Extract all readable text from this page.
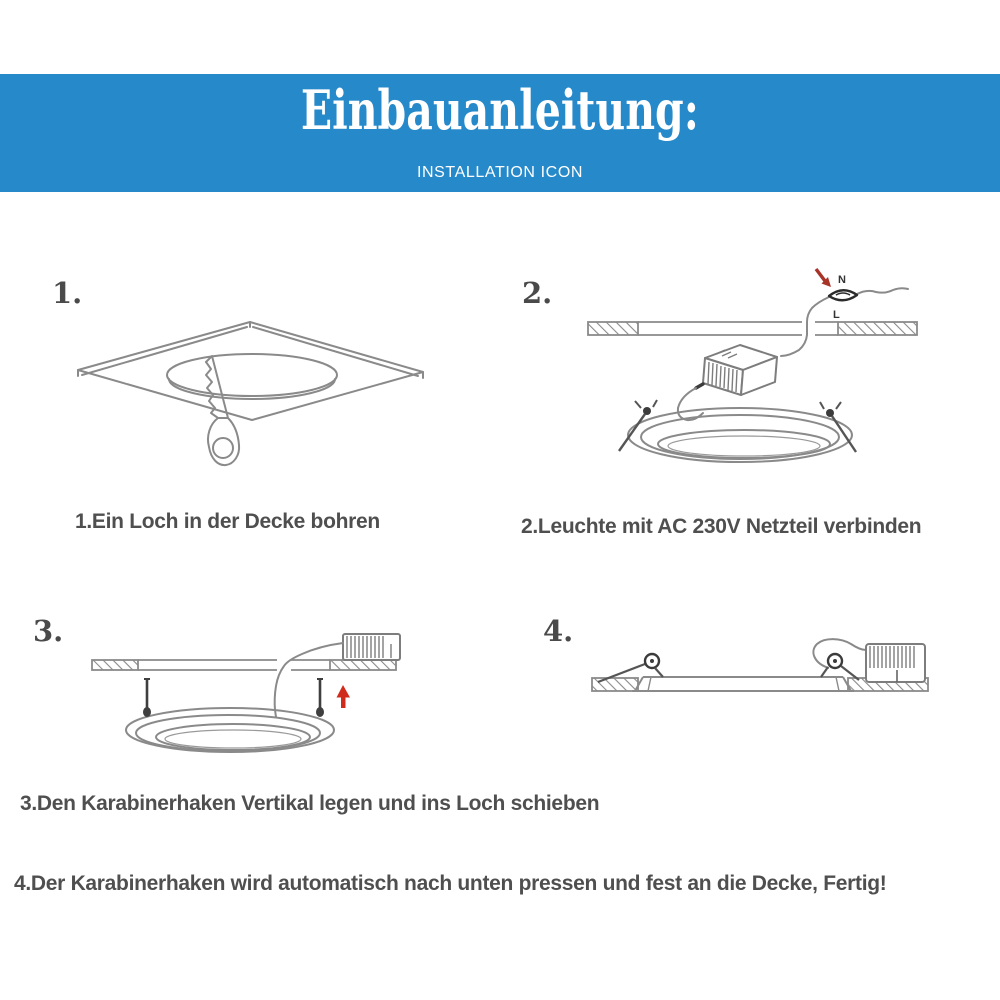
Einbauanleitung:
INSTALLATION ICON
1.

1.Ein Loch in der Decke bohren

2.	N
L

2.Leuchte mit AC 230V Netzteil verbinden

3.

3.Den Karabinerhaken Vertikal legen und ins Loch schieben

4.

4.Der Karabinerhaken wird automatisch nach unten pressen und fest an die Decke, Fertig!
